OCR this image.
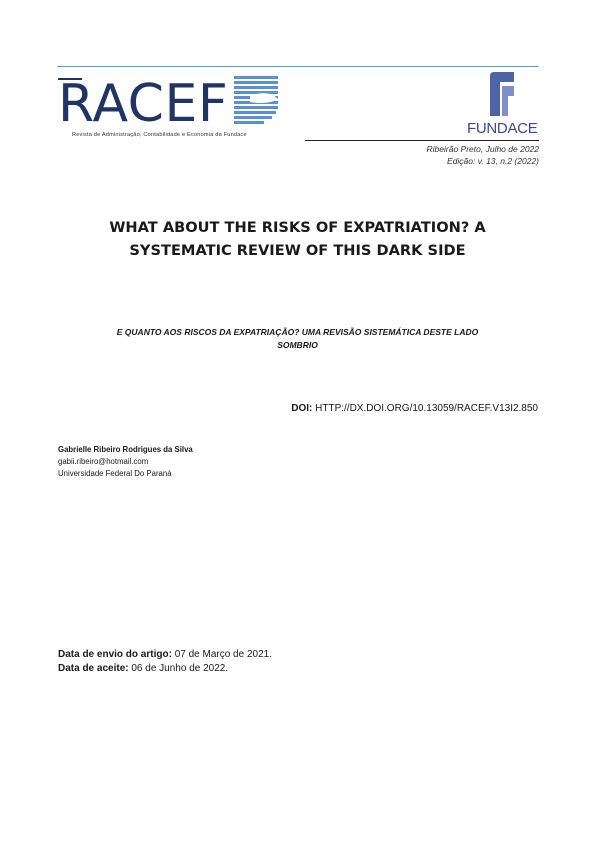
RACEF
Revista de Administração, Contabilidade e Economia da Fundace	FUNDACE
Ribeirão Preto, Julho de 2022
Edição: v. 13, n.2 (2022)
WHAT ABOUT THE RISKS OF EXPATRIATION? A
SYSTEMATIC REVIEW OF THIS DARK SIDE
E QUANTO AOS RISCOS DA EXPATRIAÇÃO? UMA REVISÃO SISTEMÁTICA DESTE LADO
SOMBRIO
DOI: HTTP://DX.DOI.ORG/10.13059/RACEF.V13I2.850
Gabrielle Ribeiro Rodrigues da Silva
gabii.ribeiro@hotmail.com
Universidade Federal Do Paraná
Data de envio do artigo: 07 de Março de 2021.
Data de aceite: 06 de Junho de 2022.
